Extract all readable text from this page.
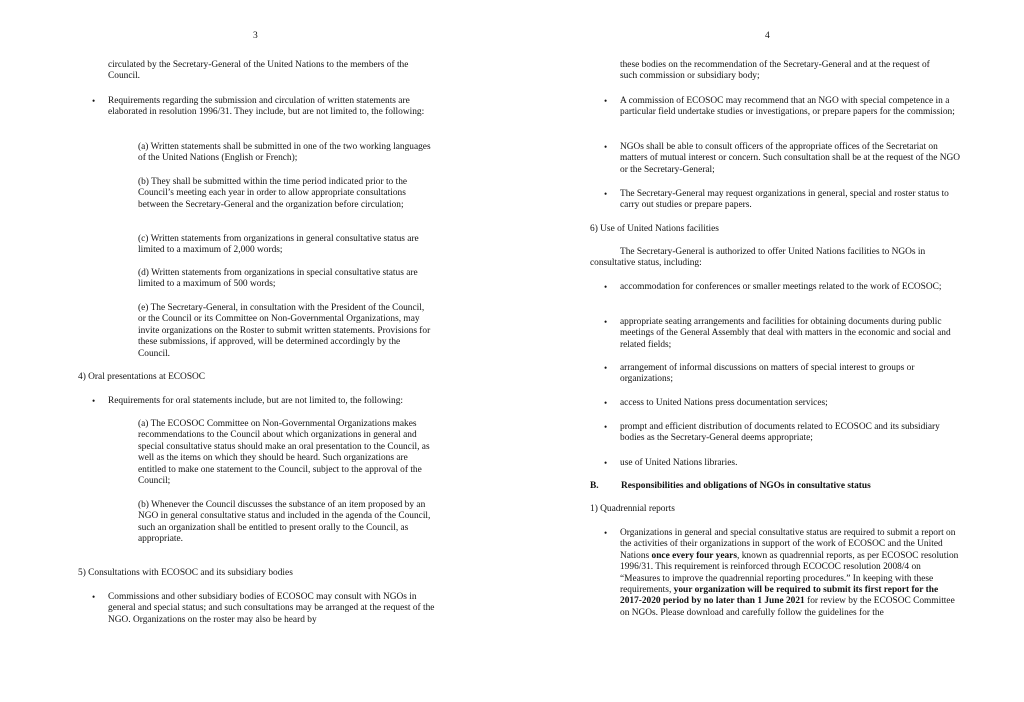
3

circulated by the Secretary-General of the United Nations to the members of the Council.

• Requirements regarding the submission and circulation of written statements are elaborated in resolution 1996/31. They include, but are not limited to, the following:

(a) Written statements shall be submitted in one of the two working languages of the United Nations (English or French);

(b) They shall be submitted within the time period indicated prior to the Council’s meeting each year in order to allow appropriate consultations between the Secretary-General and the organization before circulation;

(c) Written statements from organizations in general consultative status are limited to a maximum of 2,000 words;

(d) Written statements from organizations in special consultative status are limited to a maximum of 500 words;

(e) The Secretary-General, in consultation with the President of the Council, or the Council or its Committee on Non-Governmental Organizations, may invite organizations on the Roster to submit written statements. Provisions for these submissions, if approved, will be determined accordingly by the Council.

4) Oral presentations at ECOSOC

• Requirements for oral statements include, but are not limited to, the following:

(a) The ECOSOC Committee on Non-Governmental Organizations makes recommendations to the Council about which organizations in general and special consultative status should make an oral presentation to the Council, as well as the items on which they should be heard. Such organizations are entitled to make one statement to the Council, subject to the approval of the Council;

(b) Whenever the Council discusses the substance of an item proposed by an NGO in general consultative status and included in the agenda of the Council, such an organization shall be entitled to present orally to the Council, as appropriate.

5) Consultations with ECOSOC and its subsidiary bodies

• Commissions and other subsidiary bodies of ECOSOC may consult with NGOs in general and special status; and such consultations may be arranged at the request of the NGO. Organizations on the roster may also be heard by

4

these bodies on the recommendation of the Secretary-General and at the request of such commission or subsidiary body;

• A commission of ECOSOC may recommend that an NGO with special competence in a particular field undertake studies or investigations, or prepare papers for the commission;

• NGOs shall be able to consult officers of the appropriate offices of the Secretariat on matters of mutual interest or concern. Such consultation shall be at the request of the NGO or the Secretary-General;

• The Secretary-General may request organizations in general, special and roster status to carry out studies or prepare papers.

6) Use of United Nations facilities

The Secretary-General is authorized to offer United Nations facilities to NGOs in consultative status, including:

• accommodation for conferences or smaller meetings related to the work of ECOSOC;

• appropriate seating arrangements and facilities for obtaining documents during public meetings of the General Assembly that deal with matters in the economic and social and related fields;

• arrangement of informal discussions on matters of special interest to groups or organizations;

• access to United Nations press documentation services;

• prompt and efficient distribution of documents related to ECOSOC and its subsidiary bodies as the Secretary-General deems appropriate;

• use of United Nations libraries.

B. Responsibilities and obligations of NGOs in consultative status

1) Quadrennial reports

• Organizations in general and special consultative status are required to submit a report on the activities of their organizations in support of the work of ECOSOC and the United Nations once every four years, known as quadrennial reports, as per ECOSOC resolution 1996/31. This requirement is reinforced through ECOCOC resolution 2008/4 on “Measures to improve the quadrennial reporting procedures.” In keeping with these requirements, your organization will be required to submit its first report for the 2017-2020 period by no later than 1 June 2021 for review by the ECOSOC Committee on NGOs. Please download and carefully follow the guidelines for the
